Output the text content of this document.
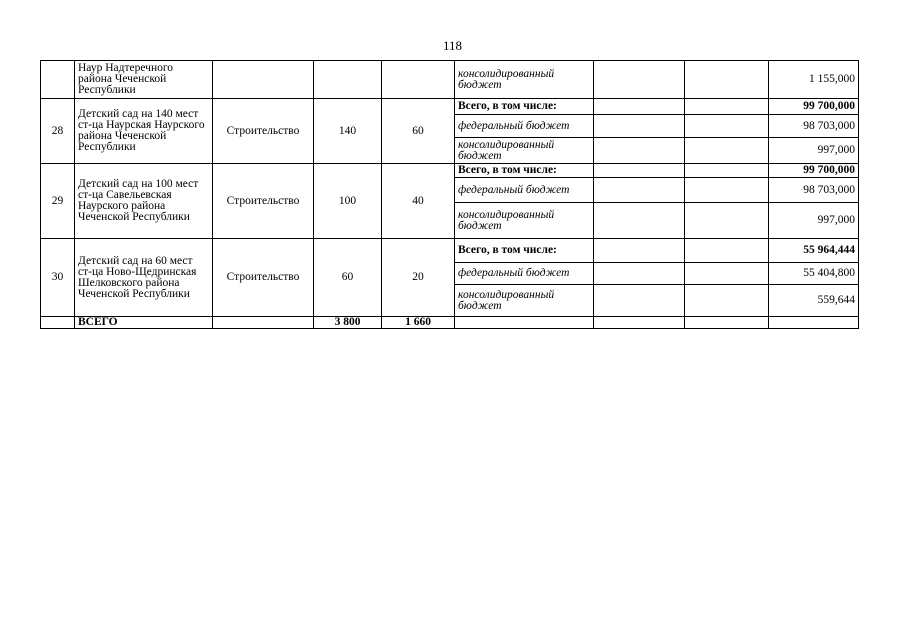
118
	Наур Надтеречного района Чеченской Республики				консолидированный бюджет			1 155,000
28	Детский сад на 140 мест ст-ца Наурская Наурского района Чеченской Республики	Строительство	140	60	Всего, в том числе:			99 700,000
					федеральный бюджет			98 703,000
					консолидированный бюджет			997,000
29	Детский сад на 100 мест ст-ца Савельевская Наурского района Чеченской Республики	Строительство	100	40	Всего, в том числе:			99 700,000
					федеральный бюджет			98 703,000
					консолидированный бюджет			997,000
30	Детский сад на 60 мест ст-ца Ново-Щедринская Шелковского района Чеченской Республики	Строительство	60	20	Всего, в том числе:			55 964,444
					федеральный бюджет			55 404,800
					консолидированный бюджет			559,644
	ВСЕГО		3 800	1 660				
